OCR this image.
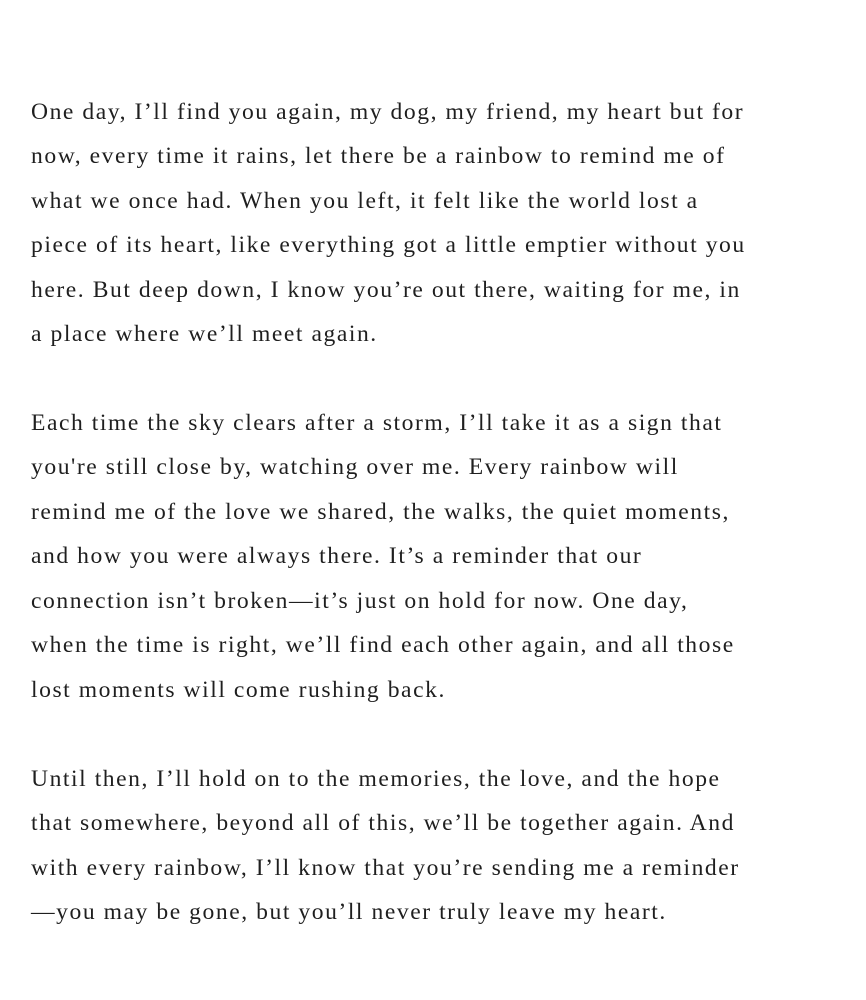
One day, I’ll find you again, my dog, my friend, my heart but for
now, every time it rains, let there be a rainbow to remind me of
what we once had. When you left, it felt like the world lost a
piece of its heart, like everything got a little emptier without you
here. But deep down, I know you’re out there, waiting for me, in
a place where we’ll meet again.
Each time the sky clears after a storm, I’ll take it as a sign that
you're still close by, watching over me. Every rainbow will
remind me of the love we shared, the walks, the quiet moments,
and how you were always there. It’s a reminder that our
connection isn’t broken—it’s just on hold for now. One day,
when the time is right, we’ll find each other again, and all those
lost moments will come rushing back.
Until then, I’ll hold on to the memories, the love, and the hope
that somewhere, beyond all of this, we’ll be together again. And
with every rainbow, I’ll know that you’re sending me a reminder
—you may be gone, but you’ll never truly leave my heart.
